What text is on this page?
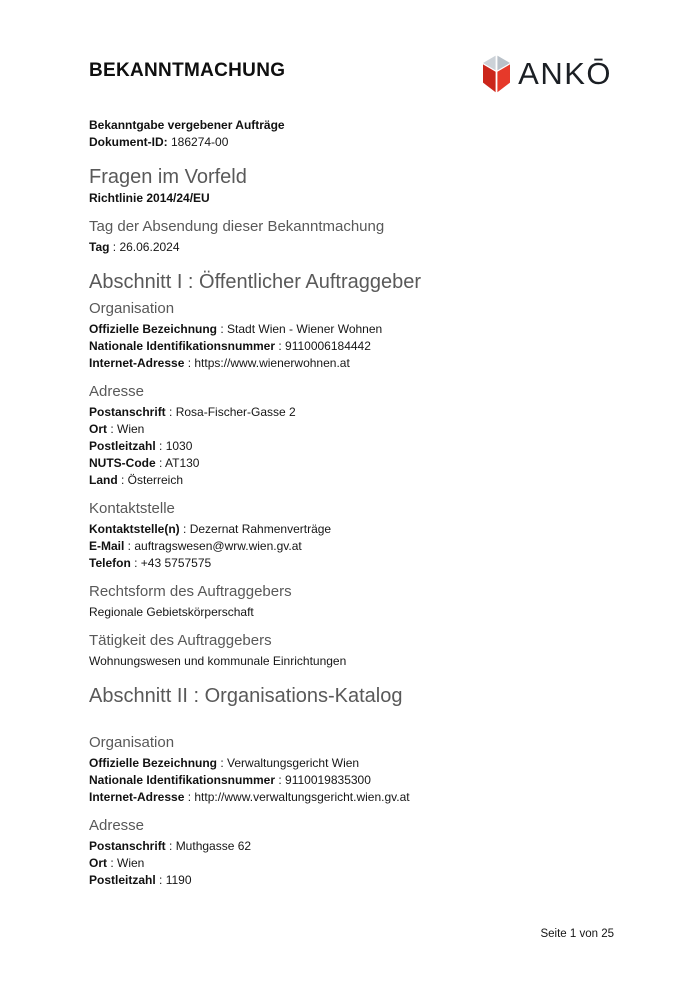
BEKANNTMACHUNG	ANKŌ

Bekanntgabe vergebener Aufträge

Dokument-ID: 186274-00

Fragen im Vorfeld

Richtlinie 2014/24/EU

Tag der Absendung dieser Bekanntmachung

Tag : 26.06.2024

Abschnitt I : Öffentlicher Auftraggeber
Organisation

Offizielle Bezeichnung : Stadt Wien - Wiener Wohnen

Nationale Identifikationsnummer : 9110006184442

Internet-Adresse : https://www.wienerwohnen.at

Adresse

Postanschrift : Rosa-Fischer-Gasse 2

Ort : Wien

Postleitzahl : 1030

NUTS-Code : AT130

Land : Österreich

Kontaktstelle

Kontaktstelle(n) : Dezernat Rahmenverträge

E-Mail : auftragswesen@wrw.wien.gv.at

Telefon : +43 5757575

Rechtsform des Auftraggebers

Regionale Gebietskörperschaft

Tätigkeit des Auftraggebers

Wohnungswesen und kommunale Einrichtungen

Abschnitt II : Organisations-Katalog
Organisation

Offizielle Bezeichnung : Verwaltungsgericht Wien

Nationale Identifikationsnummer : 9110019835300

Internet-Adresse : http://www.verwaltungsgericht.wien.gv.at

Adresse

Postanschrift : Muthgasse 62

Ort : Wien

Postleitzahl : 1190

Seite 1 von 25
